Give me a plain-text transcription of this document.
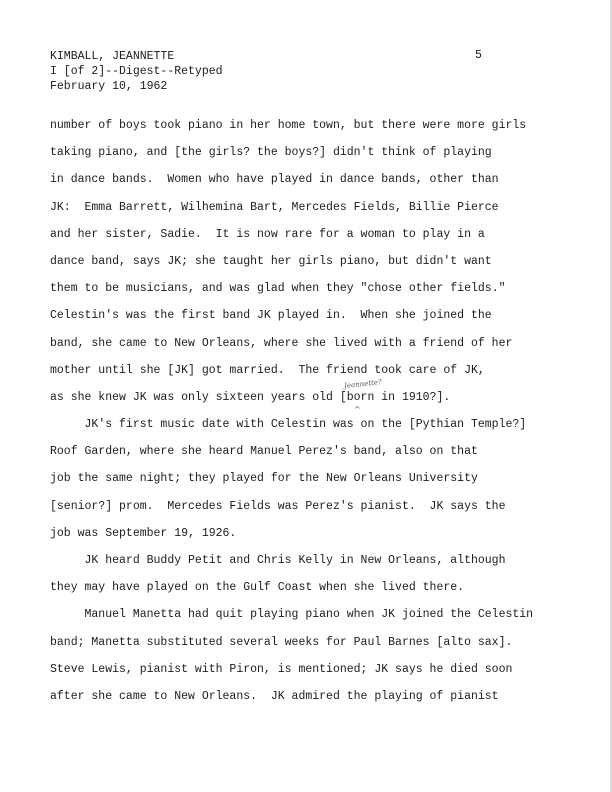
KIMBALL, JEANNETTE
I [of 2]--Digest--Retyped
February 10, 1962
5
number of boys took piano in her home town, but there were more girls
taking piano, and [the girls? the boys?] didn't think of playing
in dance bands.  Women who have played in dance bands, other than
JK:  Emma Barrett, Wilhemina Bart, Mercedes Fields, Billie Pierce
and her sister, Sadie.  It is now rare for a woman to play in a
dance band, says JK; she taught her girls piano, but didn't want
them to be musicians, and was glad when they "chose other fields."
Celestin's was the first band JK played in.  When she joined the
band, she came to New Orleans, where she lived with a friend of her
mother until she [JK] got married.  The friend took care of JK,
as she knew JK was only sixteen years old [born in 1910?].
JK's first music date with Celestin was on the [Pythian Temple?]
Roof Garden, where she heard Manuel Perez's band, also on that
job the same night; they played for the New Orleans University
[senior?] prom.  Mercedes Fields was Perez's pianist.  JK says the
job was September 19, 1926.
JK heard Buddy Petit and Chris Kelly in New Orleans, although
they may have played on the Gulf Coast when she lived there.
Manuel Manetta had quit playing piano when JK joined the Celestin
band; Manetta substituted several weeks for Paul Barnes [alto sax].
Steve Lewis, pianist with Piron, is mentioned; JK says he died soon
after she came to New Orleans.  JK admired the playing of pianist
Jeannette?
^
